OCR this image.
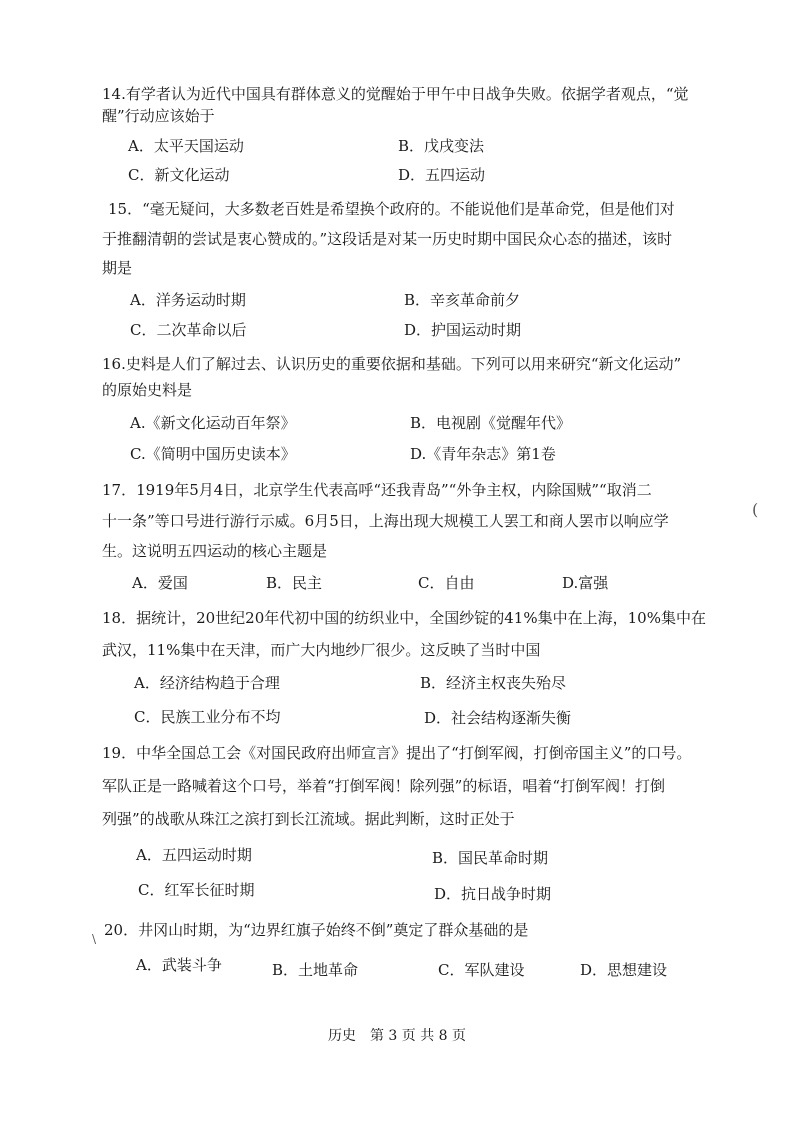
14.有学者认为近代中国具有群体意义的觉醒始于甲午中日战争失败。依据学者观点，“觉
醒”行动应该始于
A．太平天国运动	B．戊戌变法
C．新文化运动	D．五四运动
15．“毫无疑问，大多数老百姓是希望换个政府的。不能说他们是革命党，但是他们对
于推翻清朝的尝试是衷心赞成的。”这段话是对某一历史时期中国民众心态的描述，该时
期是
A．洋务运动时期	B．辛亥革命前夕
C．二次革命以后	D．护国运动时期
16.史料是人们了解过去、认识历史的重要依据和基础。下列可以用来研究“新文化运动”
的原始史料是
A.《新文化运动百年祭》	B．电视剧《觉醒年代》
C.《简明中国历史读本》	D.《青年杂志》第1卷
17．1919年5月4日，北京学生代表高呼“还我青岛”“外争主权，内除国贼”“取消二
十一条”等口号进行游行示威。6月5日，上海出现大规模工人罢工和商人罢市以响应学
生。这说明五四运动的核心主题是
A．爱国	B．民主	C．自由	D.富强
18．据统计，20世纪20年代初中国的纺织业中，全国纱锭的41%集中在上海，10%集中在
武汉，11%集中在天津，而广大内地纱厂很少。这反映了当时中国
A．经济结构趋于合理	B．经济主权丧失殆尽
C．民族工业分布不均	D．社会结构逐渐失衡
19．中华全国总工会《对国民政府出师宣言》提出了“打倒军阀，打倒帝国主义”的口号。
军队正是一路喊着这个口号，举着“打倒军阀！除列强”的标语，唱着“打倒军阀！打倒
列强”的战歌从珠江之滨打到长江流域。据此判断，这时正处于
A．五四运动时期	B．国民革命时期
C．红军长征时期	D．抗日战争时期
20．井冈山时期，为“边界红旗子始终不倒”奠定了群众基础的是
A．武装斗争	B．土地革命	C．军队建设	D．思想建设
(
\
历史　第 3 页 共 8 页
